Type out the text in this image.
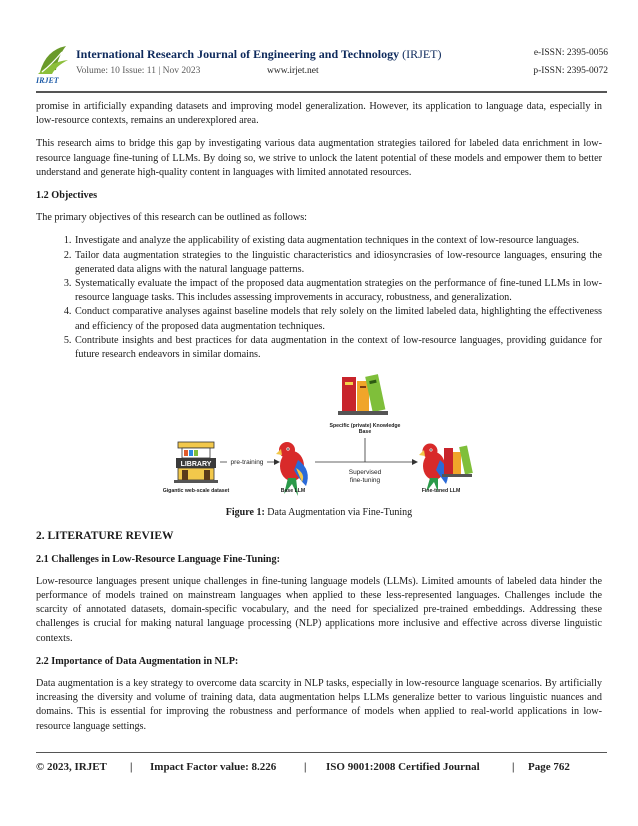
IRJET
International Research Journal of Engineering and Technology (IRJET)
Volume: 10 Issue: 11 | Nov 2023	www.irjet.net
e-ISSN: 2395-0056
p-ISSN: 2395-0072

promise in artificially expanding datasets and improving model generalization. However, its application to language data, especially in low-resource contexts, remains an underexplored area.

This research aims to bridge this gap by investigating various data augmentation strategies tailored for labeled data enrichment in low-resource language fine-tuning of LLMs. By doing so, we strive to unlock the latent potential of these models and empower them to better understand and generate high-quality content in languages with limited annotated resources.

1.2 Objectives

The primary objectives of this research can be outlined as follows:

1. Investigate and analyze the applicability of existing data augmentation techniques in the context of low-resource languages.
2. Tailor data augmentation strategies to the linguistic characteristics and idiosyncrasies of low-resource languages, ensuring the generated data aligns with the natural language patterns.
3. Systematically evaluate the impact of the proposed data augmentation strategies on the performance of fine-tuned LLMs in low-resource language tasks. This includes assessing improvements in accuracy, robustness, and generalization.
4. Conduct comparative analyses against baseline models that rely solely on the limited labeled data, highlighting the effectiveness and efficiency of the proposed data augmentation techniques.
5. Contribute insights and best practices for data augmentation in the context of low-resource languages, providing guidance for future research endeavors in similar domains.
Specific (private) Knowledge
Base
LIBRARY
Gigantic web-scale dataset
pre-training
Base LLM
Supervised
fine-tuning
Fine-tuned LLM
Figure 1: Data Augmentation via Fine-Tuning
2. LITERATURE REVIEW
2.1 Challenges in Low-Resource Language Fine-Tuning:

Low-resource languages present unique challenges in fine-tuning language models (LLMs). Limited amounts of labeled data hinder the performance of models trained on mainstream languages when applied to these less-represented languages. Challenges include the scarcity of annotated datasets, domain-specific vocabulary, and the need for specialized pre-trained embeddings. Addressing these challenges is crucial for making natural language processing (NLP) applications more inclusive and effective across diverse linguistic contexts.

2.2 Importance of Data Augmentation in NLP:

Data augmentation is a key strategy to overcome data scarcity in NLP tasks, especially in low-resource language scenarios. By artificially increasing the diversity and volume of training data, data augmentation helps LLMs generalize better to various linguistic nuances and domains. This is essential for improving the robustness and performance of models when applied to real-world applications in low-resource language settings.

© 2023, IRJET | Impact Factor value: 8.226	| ISO 9001:2008 Certified Journal	| Page 762
